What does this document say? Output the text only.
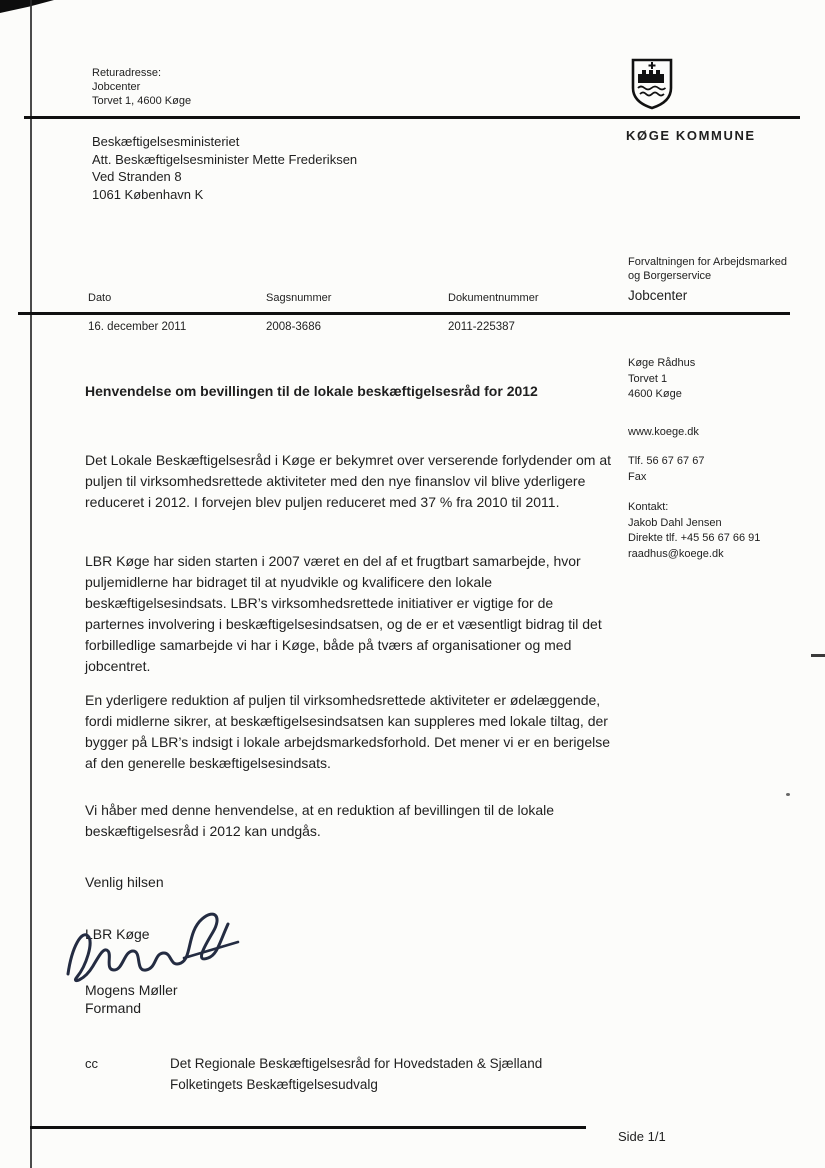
Returadresse:
Jobcenter
Torvet 1, 4600 Køge
KØGE KOMMUNE
Beskæftigelsesministeriet
Att. Beskæftigelsesminister Mette Frederiksen
Ved Stranden 8
1061 København K
Forvaltningen for Arbejdsmarked
og Borgerservice
Jobcenter
Dato	Sagsnummer	Dokumentnummer
16. december 2011	2008-3686	2011-225387
Køge Rådhus
Torvet 1
4600 Køge
www.koege.dk
Tlf. 56 67 67 67
Fax
Kontakt:
Jakob Dahl Jensen
Direkte tlf. +45 56 67 66 91
raadhus@koege.dk
Henvendelse om bevillingen til de lokale beskæftigelsesråd for 2012
Det Lokale Beskæftigelsesråd i Køge er bekymret over verserende forlydender om at puljen til virksomhedsrettede aktiviteter med den nye finanslov vil blive yderligere reduceret i 2012. I forvejen blev puljen reduceret med 37 % fra 2010 til 2011.
LBR Køge har siden starten i 2007 været en del af et frugtbart samarbejde, hvor puljemidlerne har bidraget til at nyudvikle og kvalificere den lokale beskæftigelsesindsats. LBR’s virksomhedsrettede initiativer er vigtige for de parternes involvering i beskæftigelsesindsatsen, og de er et væsentligt bidrag til det forbilledlige samarbejde vi har i Køge, både på tværs af organisationer og med jobcentret.
En yderligere reduktion af puljen til virksomhedsrettede aktiviteter er ødelæggende, fordi midlerne sikrer, at beskæftigelsesindsatsen kan suppleres med lokale tiltag, der bygger på LBR’s indsigt i lokale arbejdsmarkedsforhold. Det mener vi er en berigelse af den generelle beskæftigelsesindsats.
Vi håber med denne henvendelse, at en reduktion af bevillingen til de lokale beskæftigelsesråd i 2012 kan undgås.
Venlig hilsen
LBR Køge
Mogens Møller
Formand
cc	Det Regionale Beskæftigelsesråd for Hovedstaden & Sjælland
Folketingets Beskæftigelsesudvalg
Side 1/1
